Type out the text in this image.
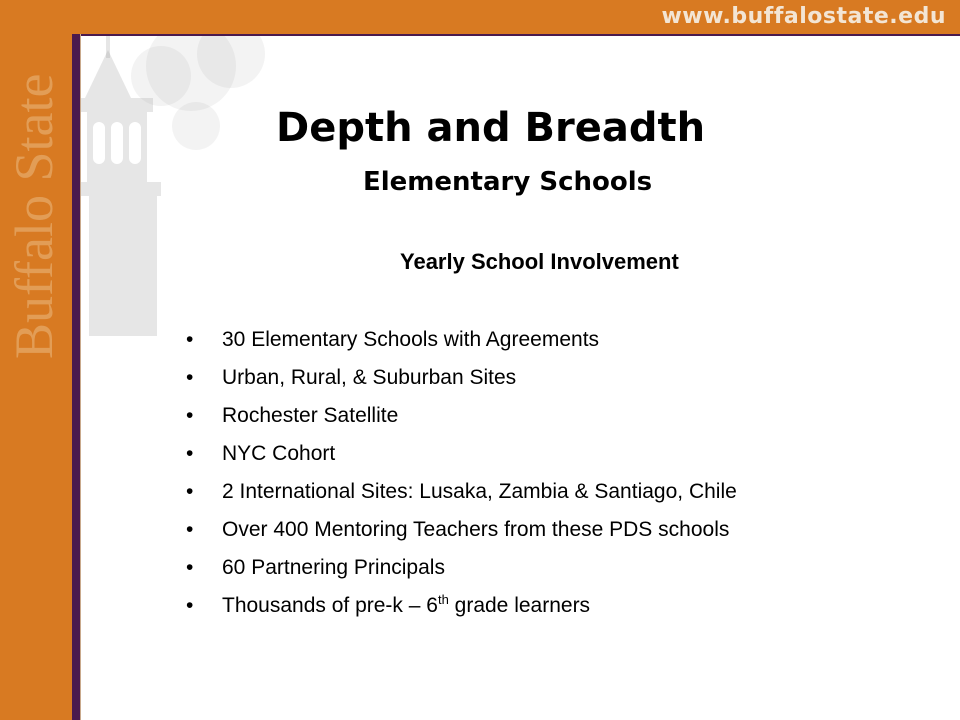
www.buffalostate.edu
Buffalo State	Depth and Breadth
Elementary Schools
Yearly School Involvement
• 30 Elementary Schools with Agreements
• Urban, Rural, & Suburban Sites
• Rochester Satellite
• NYC Cohort
• 2 International Sites: Lusaka, Zambia & Santiago, Chile
• Over 400 Mentoring Teachers from these PDS schools
• 60 Partnering Principals
• Thousands of pre-k – 6th grade learners
